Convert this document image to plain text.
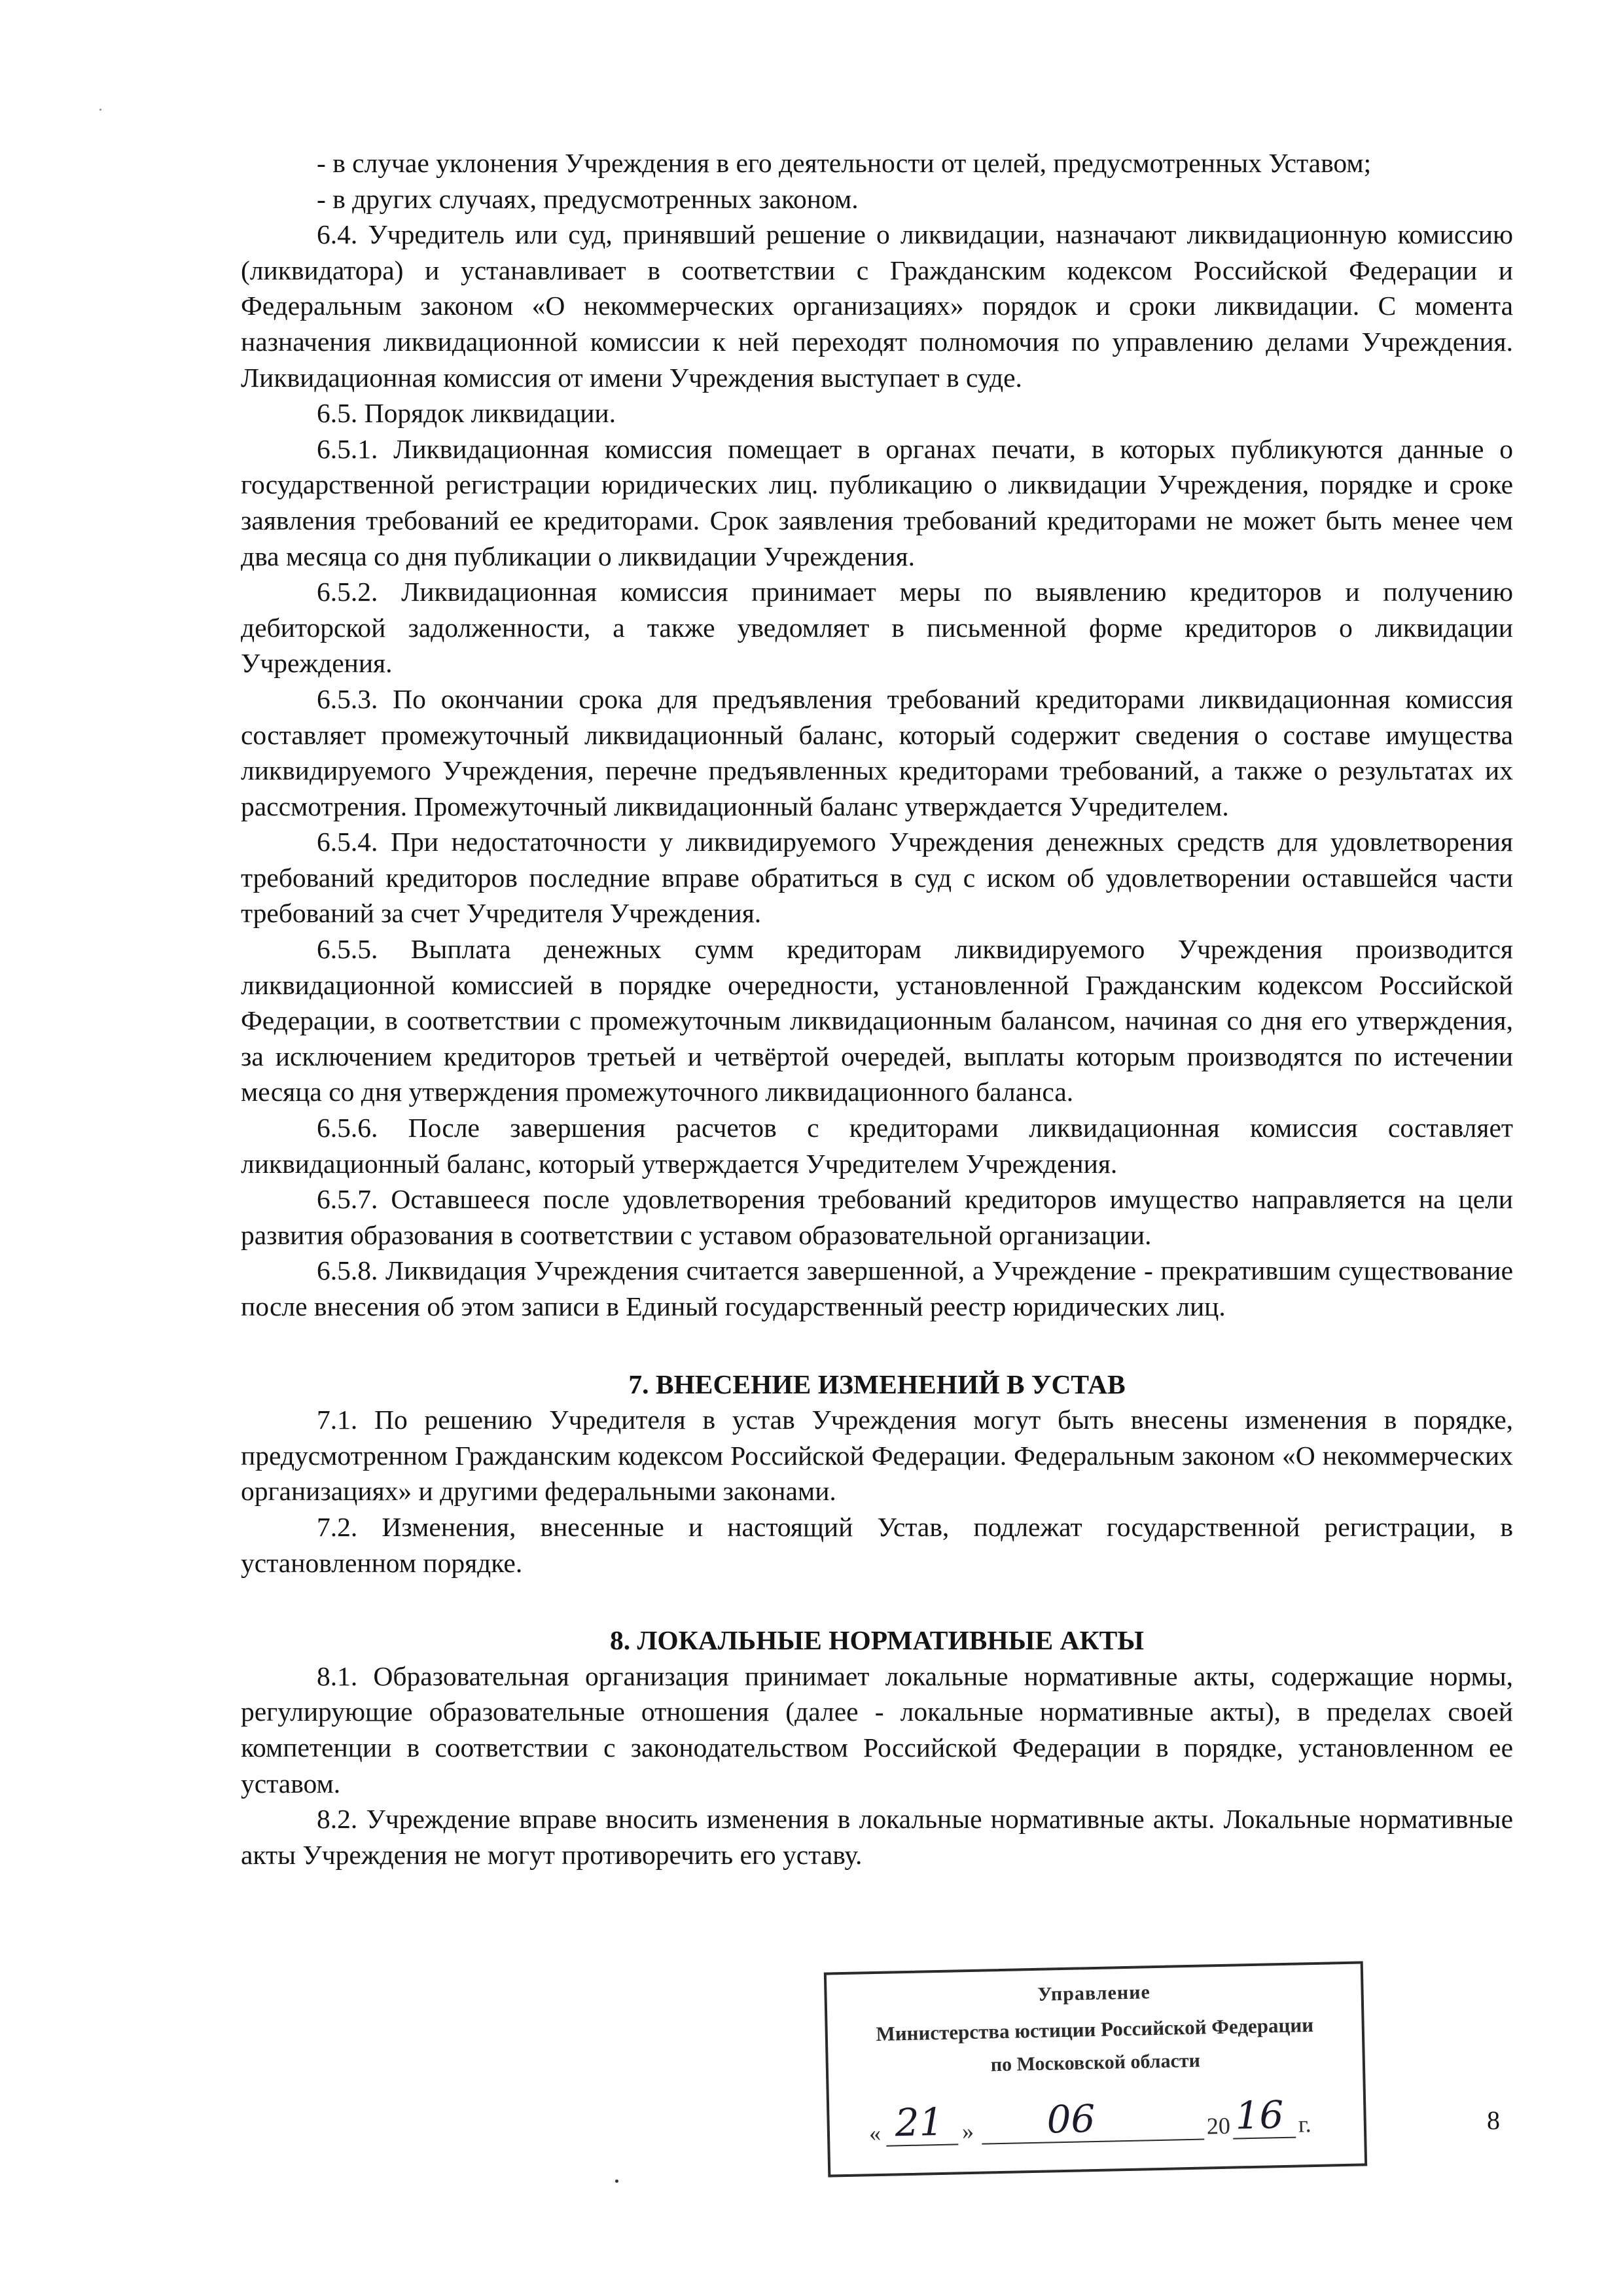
- в случае уклонения Учреждения в его деятельности от целей, предусмотренных Уставом;

- в других случаях, предусмотренных законом.

6.4. Учредитель или суд, принявший решение о ликвидации, назначают ликвидационную комиссию (ликвидатора) и устанавливает в соответствии с Гражданским кодексом Российской Федерации и Федеральным законом «О некоммерческих организациях» порядок и сроки ликвидации. С момента назначения ликвидационной комиссии к ней переходят полномочия по управлению делами Учреждения. Ликвидационная комиссия от имени Учреждения выступает в суде.

6.5. Порядок ликвидации.

6.5.1. Ликвидационная комиссия помещает в органах печати, в которых публикуются данные о государственной регистрации юридических лиц. публикацию о ликвидации Учреждения, порядке и сроке заявления требований ее кредиторами. Срок заявления требований кредиторами не может быть менее чем два месяца со дня публикации о ликвидации Учреждения.

6.5.2. Ликвидационная комиссия принимает меры по выявлению кредиторов и получению дебиторской задолженности, а также уведомляет в письменной форме кредиторов о ликвидации Учреждения.

6.5.3. По окончании срока для предъявления требований кредиторами ликвидационная комиссия составляет промежуточный ликвидационный баланс, который содержит сведения о составе имущества ликвидируемого Учреждения, перечне предъявленных кредиторами требований, а также о результатах их рассмотрения. Промежуточный ликвидационный баланс утверждается Учредителем.

6.5.4. При недостаточности у ликвидируемого Учреждения денежных средств для удовлетворения требований кредиторов последние вправе обратиться в суд с иском об удовлетворении оставшейся части требований за счет Учредителя Учреждения.

6.5.5. Выплата денежных сумм кредиторам ликвидируемого Учреждения производится ликвидационной комиссией в порядке очередности, установленной Гражданским кодексом Российской Федерации, в соответствии с промежуточным ликвидационным балансом, начиная со дня его утверждения, за исключением кредиторов третьей и четвёртой очередей, выплаты которым производятся по истечении месяца со дня утверждения промежуточного ликвидационного баланса.

6.5.6. После завершения расчетов с кредиторами ликвидационная комиссия составляет ликвидационный баланс, который утверждается Учредителем Учреждения.

6.5.7. Оставшееся после удовлетворения требований кредиторов имущество направляется на цели развития образования в соответствии с уставом образовательной организации.

6.5.8. Ликвидация Учреждения считается завершенной, а Учреждение - прекратившим существование после внесения об этом записи в Единый государственный реестр юридических лиц.

7. ВНЕСЕНИЕ ИЗМЕНЕНИЙ В УСТАВ

7.1. По решению Учредителя в устав Учреждения могут быть внесены изменения в порядке, предусмотренном Гражданским кодексом Российской Федерации. Федеральным законом «О некоммерческих организациях» и другими федеральными законами.

7.2. Изменения, внесенные и настоящий Устав, подлежат государственной регистрации, в установленном порядке.

8. ЛОКАЛЬНЫЕ НОРМАТИВНЫЕ АКТЫ

8.1. Образовательная организация принимает локальные нормативные акты, содержащие нормы, регулирующие образовательные отношения (далее - локальные нормативные акты), в пределах своей компетенции в соответствии с законодательством Российской Федерации в порядке, установленном ее уставом.

8.2. Учреждение вправе вносить изменения в локальные нормативные акты. Локальные нормативные акты Учреждения не могут противоречить его уставу.

Управление
Министерства юстиции Российской Федерации
по Московской области
« 21 » 06	20 16 г.	8
